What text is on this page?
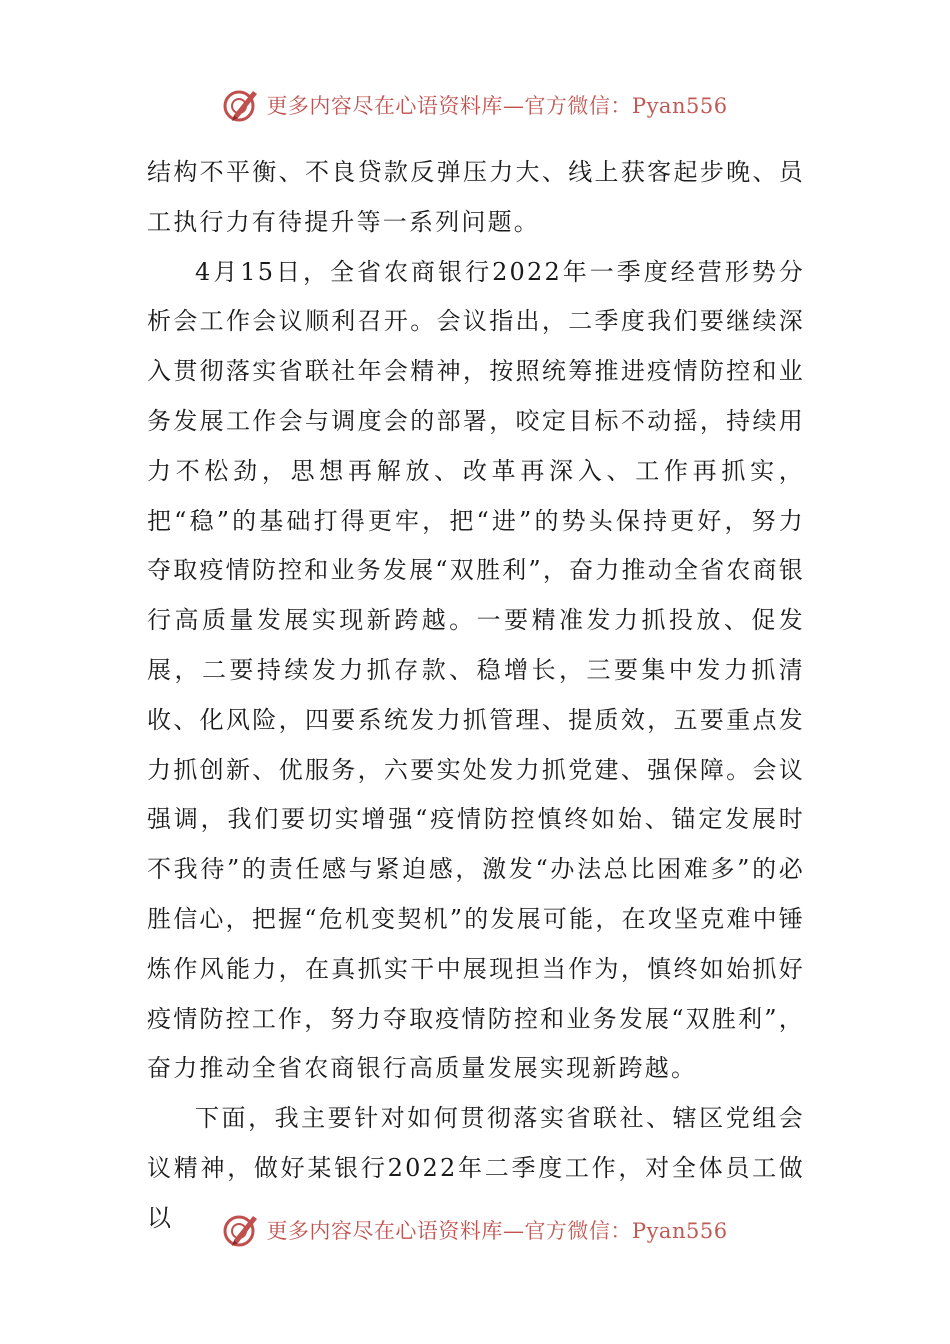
更多内容尽在心语资料库—官方微信：Pyan556

结构不平衡、不良贷款反弹压力大、线上获客起步晚、员工执行力有待提升等一系列问题。

4月15日，全省农商银行2022年一季度经营形势分析会工作会议顺利召开。会议指出，二季度我们要继续深入贯彻落实省联社年会精神，按照统筹推进疫情防控和业务发展工作会与调度会的部署，咬定目标不动摇，持续用力不松劲，思想再解放、改革再深入、工作再抓实，把“稳”的基础打得更牢，把“进”的势头保持更好，努力夺取疫情防控和业务发展“双胜利”，奋力推动全省农商银行高质量发展实现新跨越。一要精准发力抓投放、促发展，二要持续发力抓存款、稳增长，三要集中发力抓清收、化风险，四要系统发力抓管理、提质效，五要重点发力抓创新、优服务，六要实处发力抓党建、强保障。会议强调，我们要切实增强“疫情防控慎终如始、锚定发展时不我待”的责任感与紧迫感，激发“办法总比困难多”的必胜信心，把握“危机变契机”的发展可能，在攻坚克难中锤炼作风能力，在真抓实干中展现担当作为，慎终如始抓好疫情防控工作，努力夺取疫情防控和业务发展“双胜利”，奋力推动全省农商银行高质量发展实现新跨越。

下面，我主要针对如何贯彻落实省联社、辖区党组会议精神，做好某银行2022年二季度工作，对全体员工做以	更多内容尽在心语资料库—官方微信：Pyan556
